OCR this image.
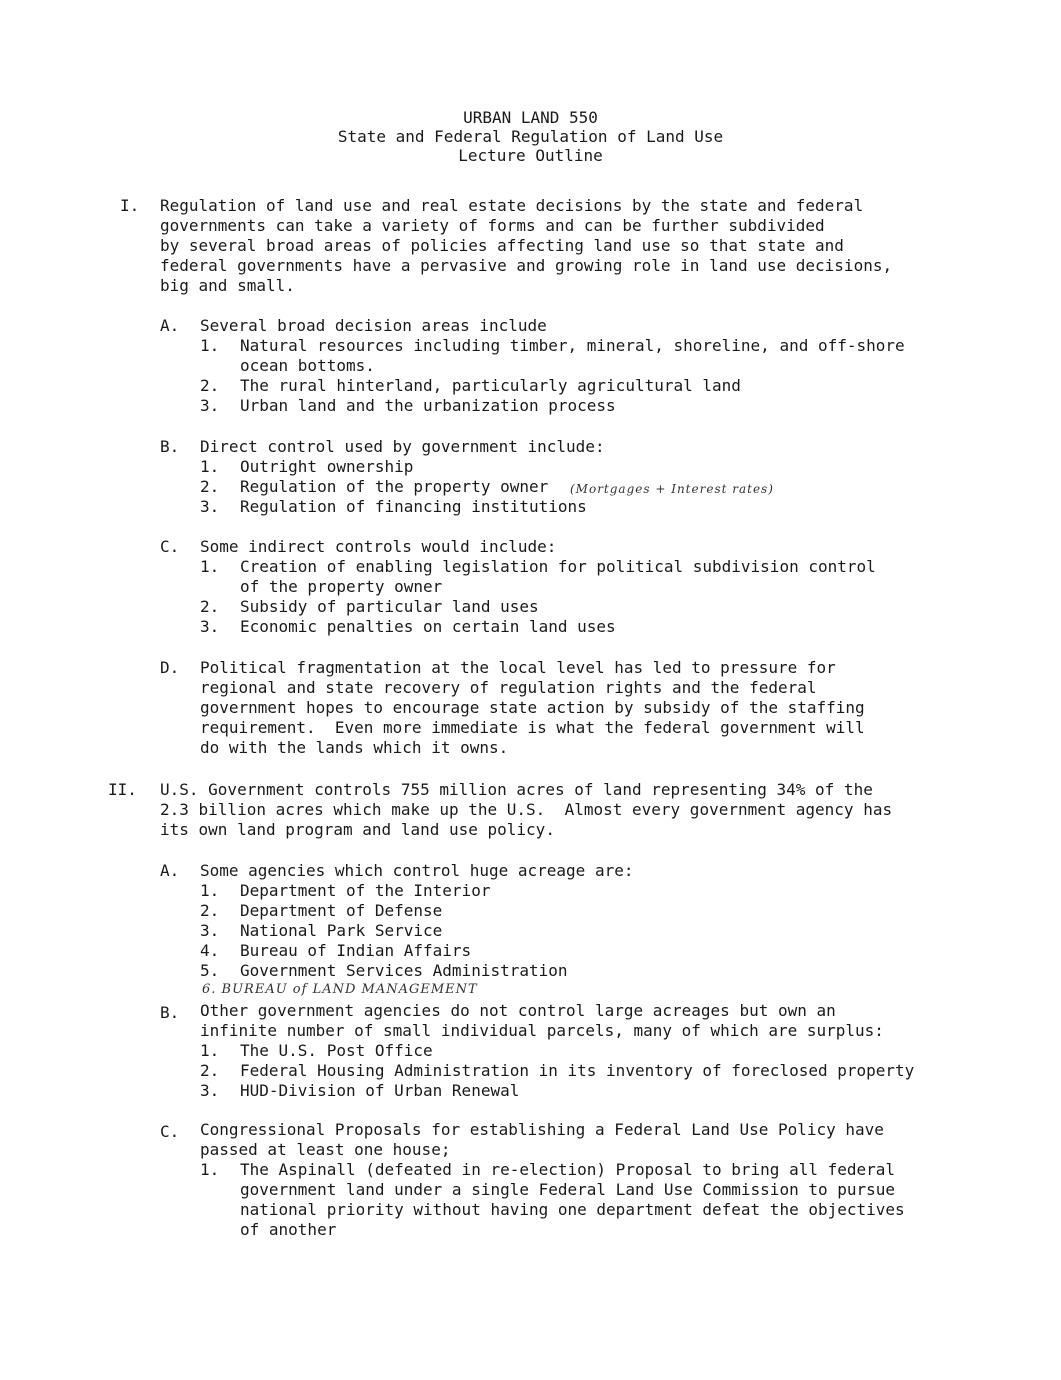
URBAN LAND 550
State and Federal Regulation of Land Use
Lecture Outline
I. Regulation of land use and real estate decisions by the state and federal
governments can take a variety of forms and can be further subdivided
by several broad areas of policies affecting land use so that state and
federal governments have a pervasive and growing role in land use decisions,
big and small.
A. Several broad decision areas include
1. Natural resources including timber, mineral, shoreline, and off-shore
ocean bottoms.
2. The rural hinterland, particularly agricultural land
3. Urban land and the urbanization process
B. Direct control used by government include:
1. Outright ownership
2. Regulation of the property owner (Mortgages + Interest rates)
3. Regulation of financing institutions
C. Some indirect controls would include:
1. Creation of enabling legislation for political subdivision control
of the property owner
2. Subsidy of particular land uses
3. Economic penalties on certain land uses
D. Political fragmentation at the local level has led to pressure for
regional and state recovery of regulation rights and the federal
government hopes to encourage state action by subsidy of the staffing
requirement.  Even more immediate is what the federal government will
do with the lands which it owns.
II. U.S. Government controls 755 million acres of land representing 34% of the
2.3 billion acres which make up the U.S.  Almost every government agency has
its own land program and land use policy.
A. Some agencies which control huge acreage are:
1. Department of the Interior
2. Department of Defense
3. National Park Service
4. Bureau of Indian Affairs
5. Government Services Administration
6. BUREAU of LAND MANAGEMENT
B. Other government agencies do not control large acreages but own an
infinite number of small individual parcels, many of which are surplus:
1. The U.S. Post Office
2. Federal Housing Administration in its inventory of foreclosed property
3. HUD-Division of Urban Renewal
C. Congressional Proposals for establishing a Federal Land Use Policy have
passed at least one house;
1. The Aspinall (defeated in re-election) Proposal to bring all federal
government land under a single Federal Land Use Commission to pursue
national priority without having one department defeat the objectives
of another
